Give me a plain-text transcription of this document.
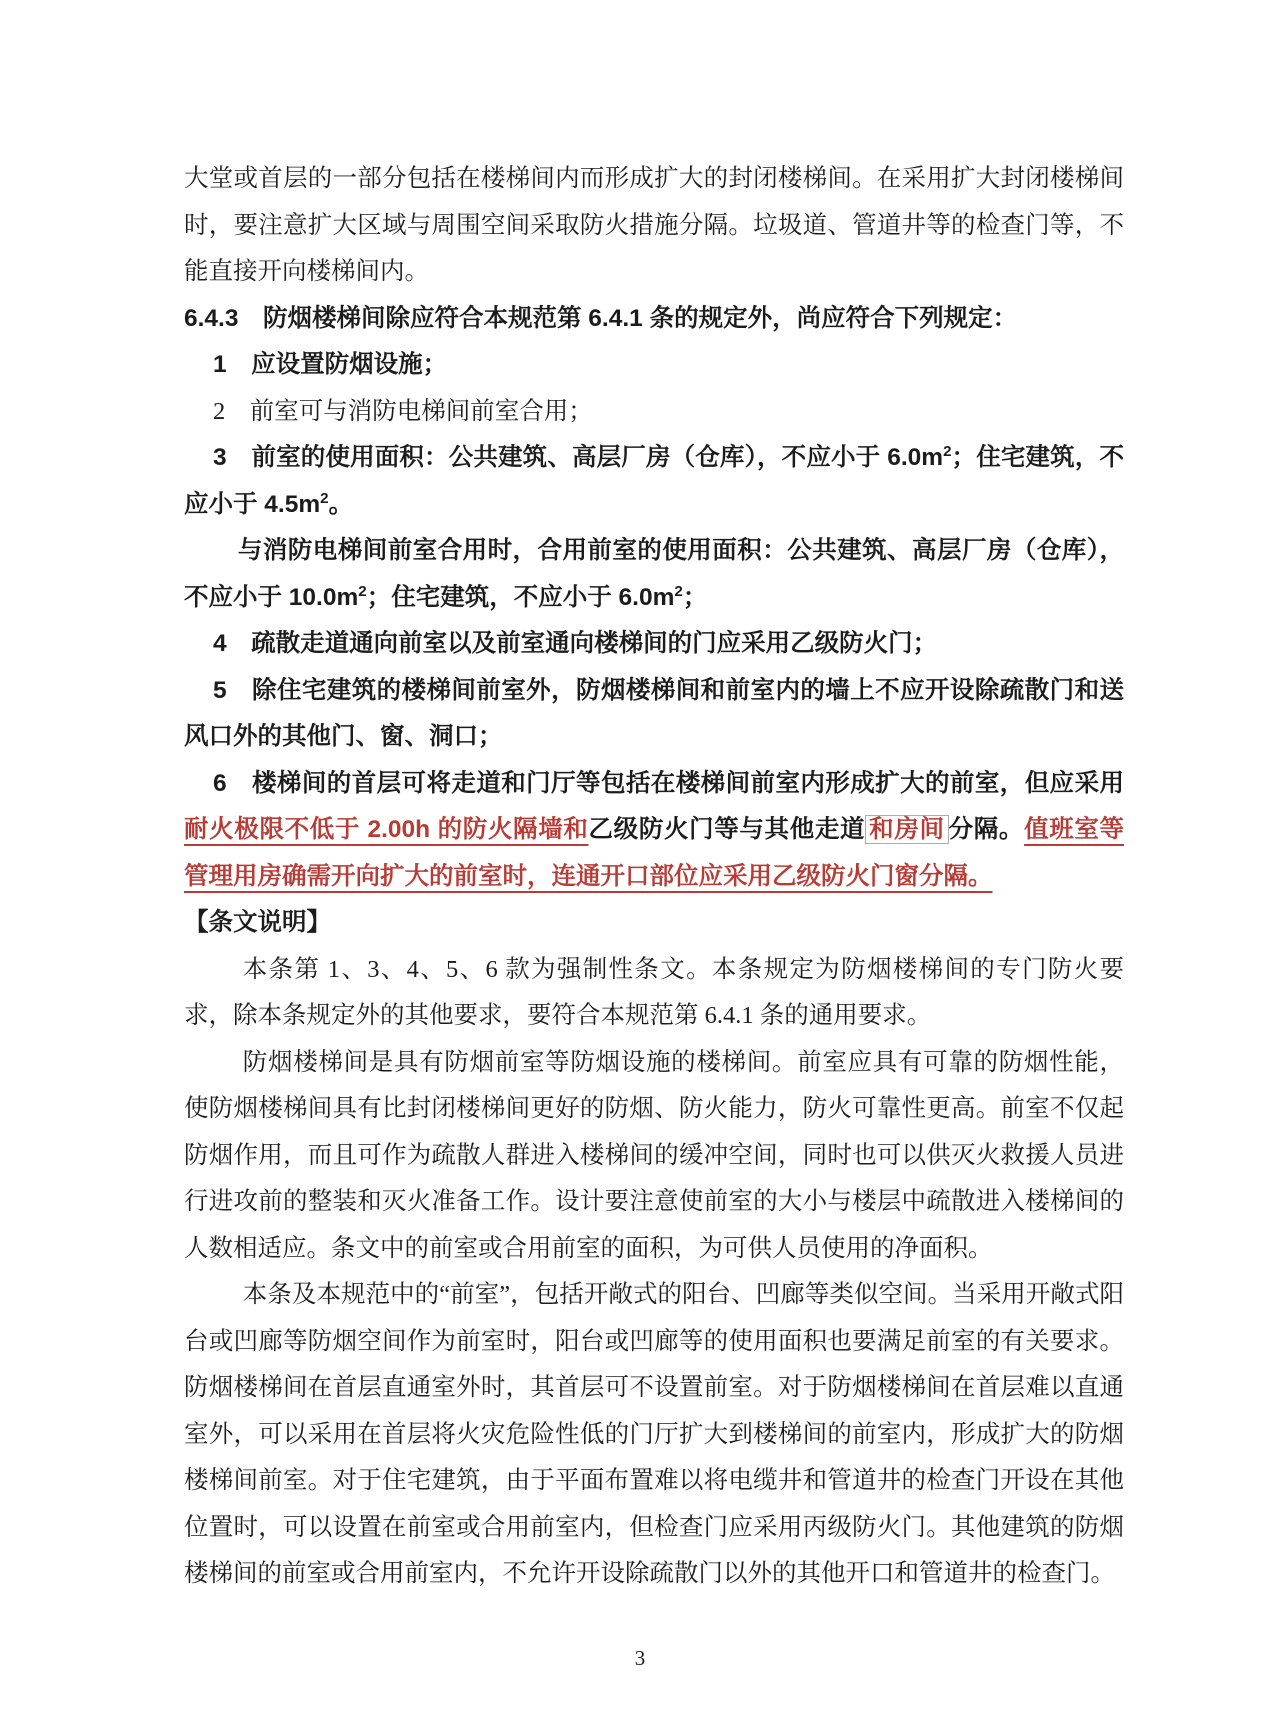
大堂或首层的一部分包括在楼梯间内而形成扩大的封闭楼梯间。在采用扩大封闭楼梯间时，要注意扩大区域与周围空间采取防火措施分隔。垃圾道、管道井等的检查门等，不能直接开向楼梯间内。

6.4.3　防烟楼梯间除应符合本规范第 6.4.1 条的规定外，尚应符合下列规定：

1　应设置防烟设施；

2　前室可与消防电梯间前室合用；

3　前室的使用面积：公共建筑、高层厂房（仓库），不应小于 $6.0m^2$；住宅建筑，不应小于 $4.5m^2$。

与消防电梯间前室合用时，合用前室的使用面积：公共建筑、高层厂房（仓库），不应小于 $10.0m^2$；住宅建筑，不应小于 $6.0m^2$；

4　疏散走道通向前室以及前室通向楼梯间的门应采用乙级防火门；

5　除住宅建筑的楼梯间前室外，防烟楼梯间和前室内的墙上不应开设除疏散门和送风口外的其他门、窗、洞口；

6　楼梯间的首层可将走道和门厅等包括在楼梯间前室内形成扩大的前室，但应采用耐火极限不低于 2.00h 的防火隔墙和乙级防火门等与其他走道 和房间 分隔。值班室等管理用房确需开向扩大的前室时，连通开口部位应采用乙级防火门窗分隔。

【条文说明】

本条第 1、3、4、5、6 款为强制性条文。本条规定为防烟楼梯间的专门防火要求，除本条规定外的其他要求，要符合本规范第 6.4.1 条的通用要求。

防烟楼梯间是具有防烟前室等防烟设施的楼梯间。前室应具有可靠的防烟性能，使防烟楼梯间具有比封闭楼梯间更好的防烟、防火能力，防火可靠性更高。前室不仅起防烟作用，而且可作为疏散人群进入楼梯间的缓冲空间，同时也可以供灭火救援人员进行进攻前的整装和灭火准备工作。设计要注意使前室的大小与楼层中疏散进入楼梯间的人数相适应。条文中的前室或合用前室的面积，为可供人员使用的净面积。

本条及本规范中的“前室”，包括开敞式的阳台、凹廊等类似空间。当采用开敞式阳台或凹廊等防烟空间作为前室时，阳台或凹廊等的使用面积也要满足前室的有关要求。防烟楼梯间在首层直通室外时，其首层可不设置前室。对于防烟楼梯间在首层难以直通室外，可以采用在首层将火灾危险性低的门厅扩大到楼梯间的前室内，形成扩大的防烟楼梯间前室。对于住宅建筑，由于平面布置难以将电缆井和管道井的检查门开设在其他位置时，可以设置在前室或合用前室内，但检查门应采用丙级防火门。其他建筑的防烟楼梯间的前室或合用前室内，不允许开设除疏散门以外的其他开口和管道井的检查门。

3
